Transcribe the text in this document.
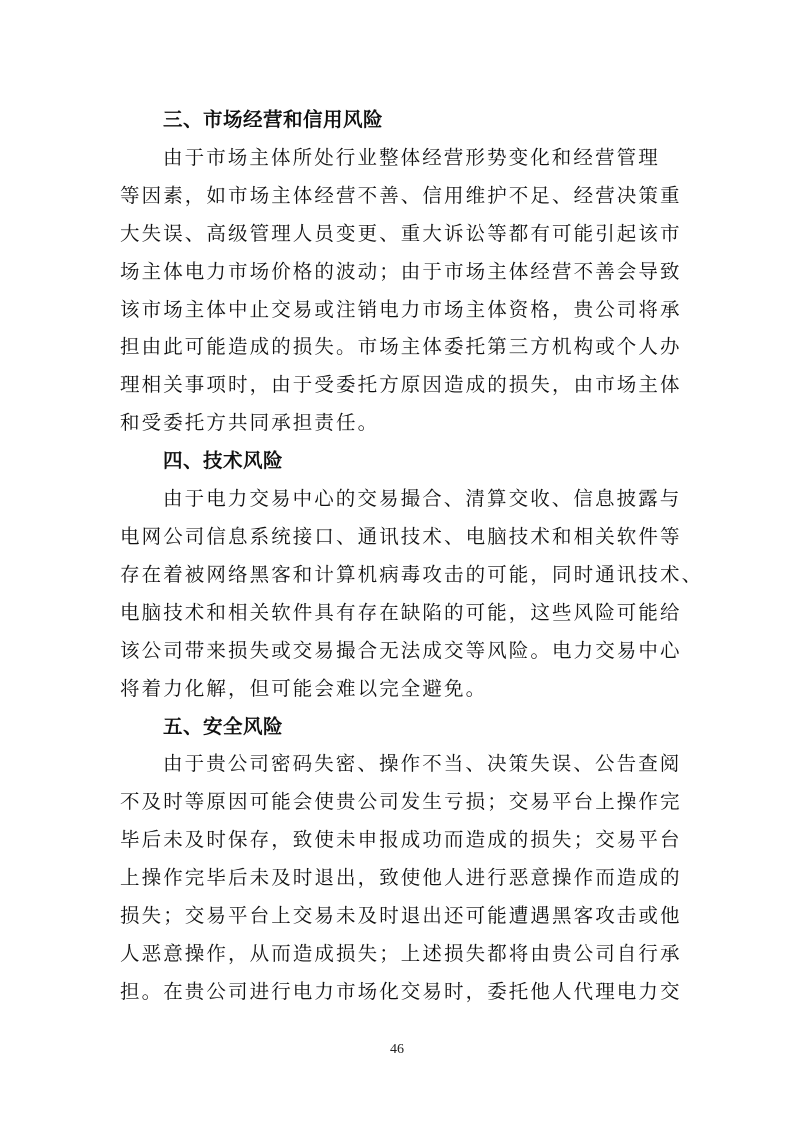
三、市场经营和信用风险
由于市场主体所处行业整体经营形势变化和经营管理
等因素，如市场主体经营不善、信用维护不足、经营决策重
大失误、高级管理人员变更、重大诉讼等都有可能引起该市
场主体电力市场价格的波动；由于市场主体经营不善会导致
该市场主体中止交易或注销电力市场主体资格，贵公司将承
担由此可能造成的损失。市场主体委托第三方机构或个人办
理相关事项时，由于受委托方原因造成的损失，由市场主体
和受委托方共同承担责任。
四、技术风险
由于电力交易中心的交易撮合、清算交收、信息披露与
电网公司信息系统接口、通讯技术、电脑技术和相关软件等
存在着被网络黑客和计算机病毒攻击的可能，同时通讯技术、
电脑技术和相关软件具有存在缺陷的可能，这些风险可能给
该公司带来损失或交易撮合无法成交等风险。电力交易中心
将着力化解，但可能会难以完全避免。
五、安全风险
由于贵公司密码失密、操作不当、决策失误、公告查阅
不及时等原因可能会使贵公司发生亏损；交易平台上操作完
毕后未及时保存，致使未申报成功而造成的损失；交易平台
上操作完毕后未及时退出，致使他人进行恶意操作而造成的
损失；交易平台上交易未及时退出还可能遭遇黑客攻击或他
人恶意操作，从而造成损失；上述损失都将由贵公司自行承
担。在贵公司进行电力市场化交易时，委托他人代理电力交
46
